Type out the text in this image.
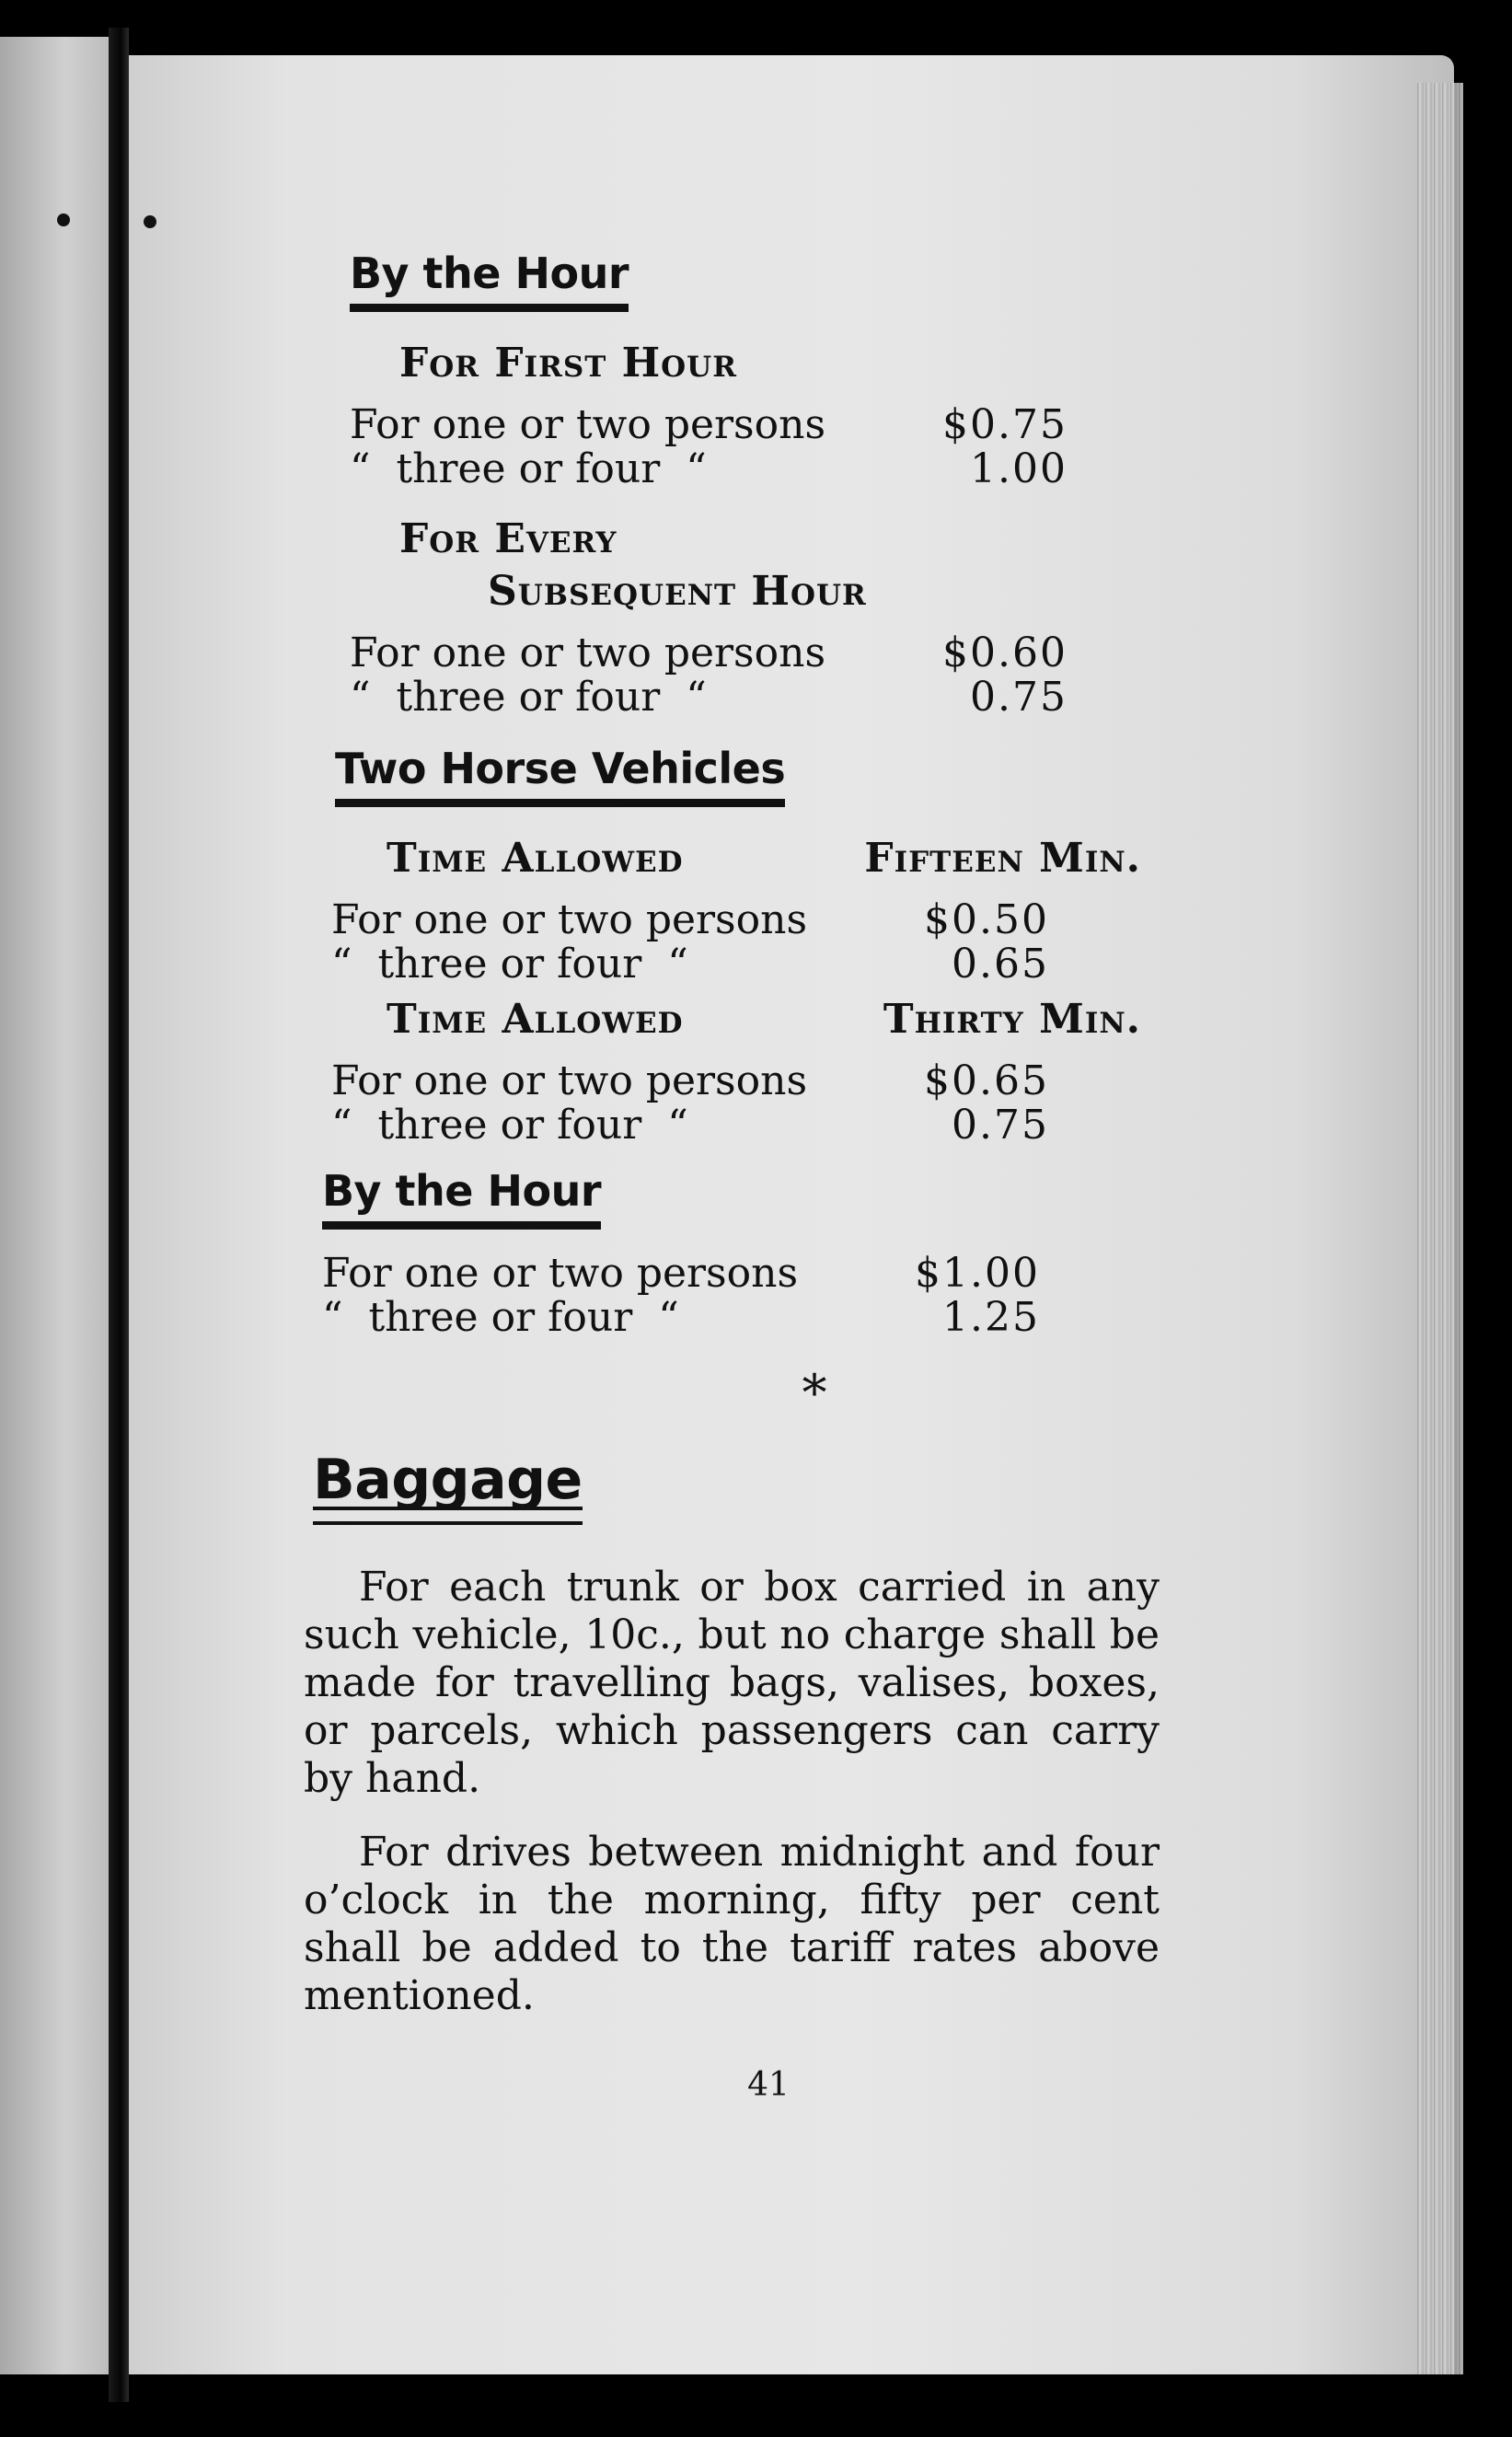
By the Hour
For First Hour
For one or two persons	$0.75
“  three or four  “	1.00
For Every
Subsequent Hour
For one or two persons	$0.60
“  three or four  “	0.75
Two Horse Vehicles
Time Allowed	Fifteen Min.
For one or two persons	$0.50
“  three or four  “	0.65
Time Allowed	Thirty Min.
For one or two persons	$0.65
“  three or four  “	0.75
By the Hour
For one or two persons	$1.00
“  three or four  “	1.25
*
Baggage

For each trunk or box carried in any such vehicle, 10c., but no charge shall be made for travelling bags, valises, boxes, or parcels, which passengers can carry by hand.

For drives between midnight and four o’clock in the morning, fifty per cent shall be added to the tariff rates above mentioned.

41
